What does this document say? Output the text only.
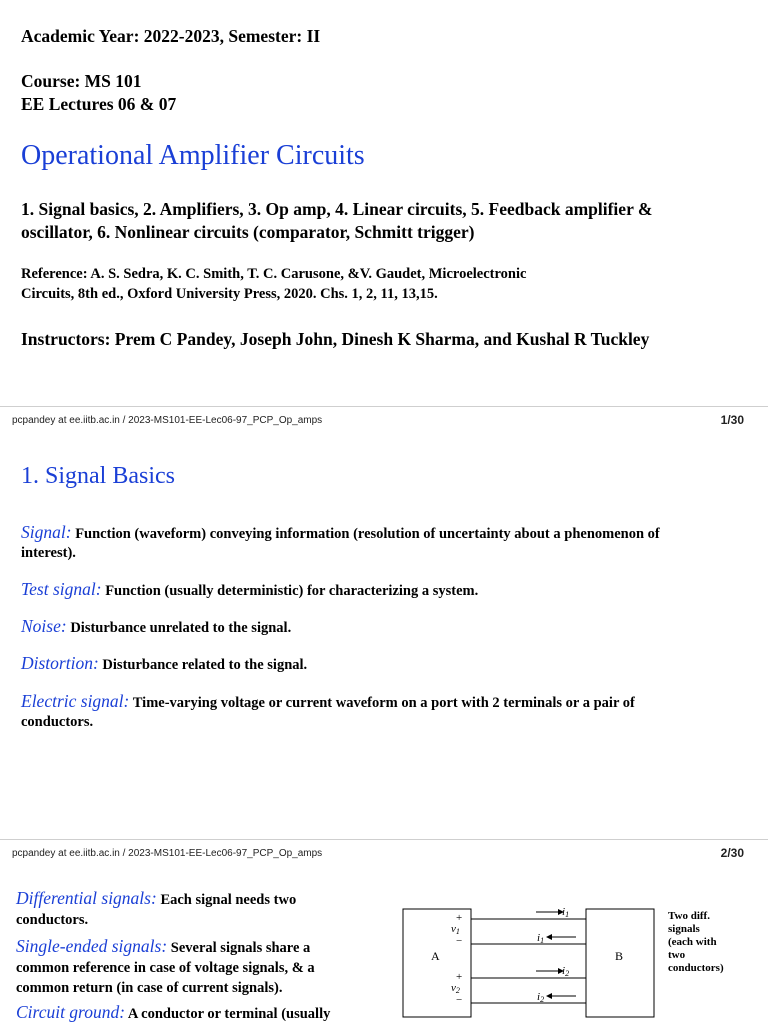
Academic Year: 2022-2023, Semester: II
Course: MS 101
EE Lectures 06 & 07
Operational Amplifier Circuits
1. Signal basics, 2. Amplifiers, 3. Op amp, 4. Linear circuits, 5. Feedback amplifier &
oscillator, 6. Nonlinear circuits (comparator, Schmitt trigger)
Reference: A. S. Sedra, K. C. Smith, T. C. Carusone, &V. Gaudet, Microelectronic
Circuits, 8th ed., Oxford University Press, 2020. Chs. 1, 2, 11, 13,15.
Instructors: Prem C Pandey, Joseph John, Dinesh K Sharma, and Kushal R Tuckley
pcpandey at ee.iitb.ac.in / 2023-MS101-EE-Lec06-97_PCP_Op_amps	1/30
1. Signal Basics
Signal: Function (waveform) conveying information (resolution of uncertainty about a phenomenon of
interest).
Test signal: Function (usually deterministic) for characterizing a system.
Noise: Disturbance unrelated to the signal.
Distortion: Disturbance related to the signal.
Electric signal: Time-varying voltage or current waveform on a port with 2 terminals or a pair of
conductors.
pcpandey at ee.iitb.ac.in / 2023-MS101-EE-Lec06-97_PCP_Op_amps	2/30
Differential signals: Each signal needs two
conductors.
Single-ended signals: Several signals share a
common reference in case of voltage signals, & a
common return (in case of current signals).
Circuit ground: A conductor or terminal (usually
A	B
+
v1
−
+
v2
−
i1
i1
i2
i2
Two diff.
signals
(each with
two
conductors)
